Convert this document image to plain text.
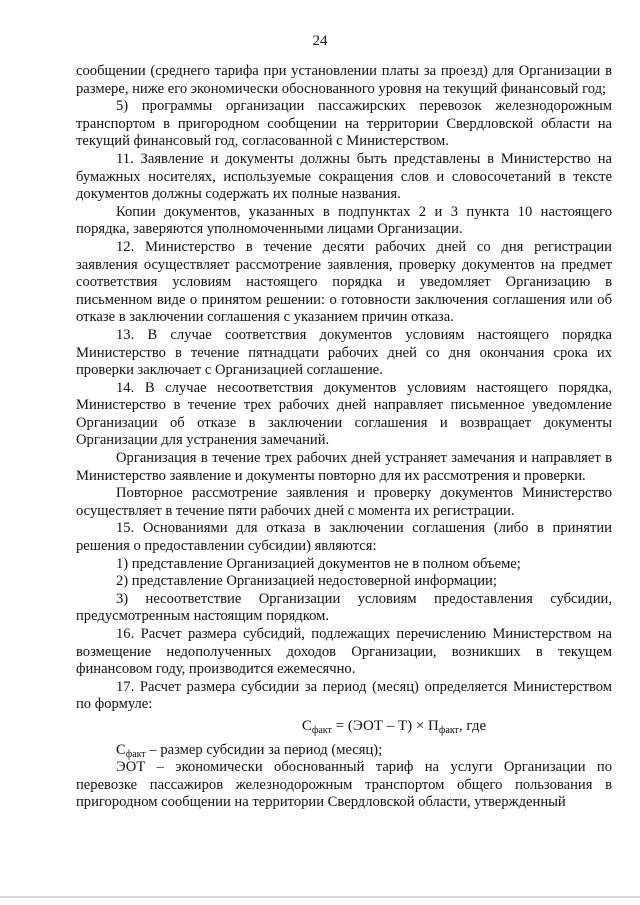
24

сообщении (среднего тарифа при установлении платы за проезд) для Организации в размере, ниже его экономически обоснованного уровня на текущий финансовый год;

5) программы организации пассажирских перевозок железнодорожным транспортом в пригородном сообщении на территории Свердловской области на текущий финансовый год, согласованной с Министерством.

11. Заявление и документы должны быть представлены в Министерство на бумажных носителях, используемые сокращения слов и словосочетаний в тексте документов должны содержать их полные названия.

Копии документов, указанных в подпунктах 2 и 3 пункта 10 настоящего порядка, заверяются уполномоченными лицами Организации.

12. Министерство в течение десяти рабочих дней со дня регистрации заявления осуществляет рассмотрение заявления, проверку документов на предмет соответствия условиям настоящего порядка и уведомляет Организацию в письменном виде о принятом решении: о готовности заключения соглашения или об отказе в заключении соглашения с указанием причин отказа.

13. В случае соответствия документов условиям настоящего порядка Министерство в течение пятнадцати рабочих дней со дня окончания срока их проверки заключает с Организацией соглашение.

14. В случае несоответствия документов условиям настоящего порядка, Министерство в течение трех рабочих дней направляет письменное уведомление Организации об отказе в заключении соглашения и возвращает документы Организации для устранения замечаний.

Организация в течение трех рабочих дней устраняет замечания и направляет в Министерство заявление и документы повторно для их рассмотрения и проверки.

Повторное рассмотрение заявления и проверку документов Министерство осуществляет в течение пяти рабочих дней с момента их регистрации.

15. Основаниями для отказа в заключении соглашения (либо в принятии решения о предоставлении субсидии) являются:

1) представление Организацией документов не в полном объеме;

2) представление Организацией недостоверной информации;

3) несоответствие Организации условиям предоставления субсидии, предусмотренным настоящим порядком.

16. Расчет размера субсидий, подлежащих перечислению Министерством на возмещение недополученных доходов Организации, возникших в текущем финансовом году, производится ежемесячно.

17. Расчет размера субсидии за период (месяц) определяется Министерством по формуле:

$С_{факт} = (ЭОТ - Т) \times П_{факт}$, где

$С_{факт}$ – размер субсидии за период (месяц);

ЭОТ – экономически обоснованный тариф на услуги Организации по перевозке пассажиров железнодорожным транспортом общего пользования в пригородном сообщении на территории Свердловской области, утвержденный
